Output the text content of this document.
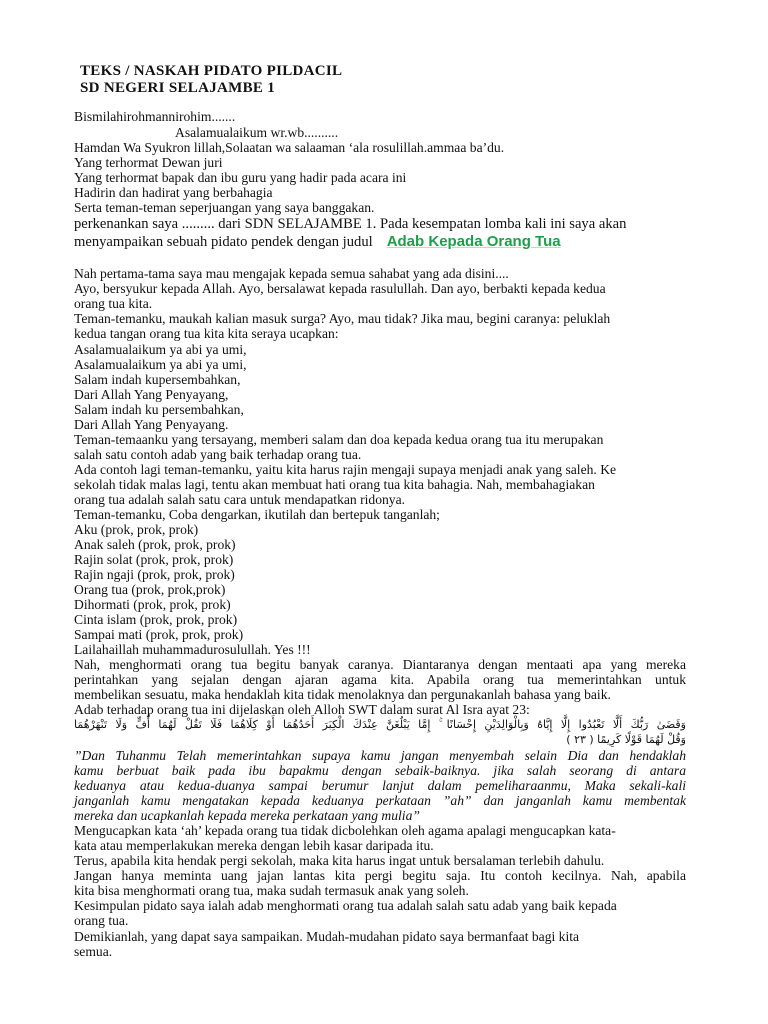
TEKS / NASKAH PIDATO PILDACIL
SD NEGERI SELAJAMBE 1

Bismilahirohmannirohim.......

Asalamualaikum wr.wb..........

Hamdan Wa Syukron lillah,Solaatan wa salaaman ‘ala rosulillah.ammaa ba’du.

Yang terhormat Dewan juri

Yang terhormat bapak dan ibu guru yang hadir pada acara ini

Hadirin dan hadirat yang berbahagia

Serta teman-teman seperjuangan yang saya banggakan.

perkenankan saya ......... dari SDN SELAJAMBE 1. Pada kesempatan lomba kali ini saya akan

menyampaikan sebuah pidato pendek dengan judul Adab Kepada Orang Tua

Nah pertama-tama saya mau mengajak kepada semua sahabat yang ada disini....

Ayo, bersyukur kepada Allah. Ayo, bersalawat kepada rasulullah. Dan ayo, berbakti kepada kedua

orang tua kita.

Teman-temanku, maukah kalian masuk surga? Ayo, mau tidak? Jika mau, begini caranya: peluklah

kedua tangan orang tua kita kita seraya ucapkan:

Asalamualaikum ya abi ya umi,

Asalamualaikum ya abi ya umi,

Salam indah kupersembahkan,

Dari Allah Yang Penyayang,

Salam indah ku persembahkan,

Dari Allah Yang Penyayang.

Teman-temaanku yang tersayang, memberi salam dan doa kepada kedua orang tua itu merupakan

salah satu contoh adab yang baik terhadap orang tua.

Ada contoh lagi teman-temanku, yaitu kita harus rajin mengaji supaya menjadi anak yang saleh. Ke

sekolah tidak malas lagi, tentu akan membuat hati orang tua kita bahagia. Nah, membahagiakan

orang tua adalah salah satu cara untuk mendapatkan ridonya.

Teman-temanku, Coba dengarkan, ikutilah dan bertepuk tanganlah;

Aku (prok, prok, prok)

Anak saleh (prok, prok, prok)

Rajin solat (prok, prok, prok)

Rajin ngaji (prok, prok, prok)

Orang tua (prok, prok,prok)

Dihormati (prok, prok, prok)

Cinta islam (prok, prok, prok)

Sampai mati (prok, prok, prok)

Lailahaillah muhammadurosulullah. Yes !!!

Nah, menghormati orang tua begitu banyak caranya. Diantaranya dengan mentaati apa yang mereka

perintahkan yang sejalan dengan ajaran agama kita. Apabila orang tua memerintahkan untuk

membelikan sesuatu, maka hendaklah kita tidak menolaknya dan pergunakanlah bahasa yang baik.

Adab terhadap orang tua ini dijelaskan oleh Alloh SWT dalam surat Al Isra ayat 23:

وَقَضَىٰ رَبُّكَ أَلَّا تَعْبُدُوا إِلَّا إِيَّاهُ وَبِالْوَالِدَيْنِ إِحْسَانًا ۚ إِمَّا يَبْلُغَنَّ عِنْدَكَ الْكِبَرَ أَحَدُهُمَا أَوْ كِلَاهُمَا فَلَا تَقُلْ لَهُمَا أُفٍّ وَلَا تَنْهَرْهُمَا

وَقُلْ لَهُمَا قَوْلًا كَرِيمًا ( ٢٣ )

”Dan Tuhanmu Telah memerintahkan supaya kamu jangan menyembah selain Dia dan hendaklah

kamu berbuat baik pada ibu bapakmu dengan sebaik-baiknya. jika salah seorang di antara

keduanya atau kedua-duanya sampai berumur lanjut dalam pemeliharaanmu, Maka sekali-kali

janganlah kamu mengatakan kepada keduanya perkataan ”ah” dan janganlah kamu membentak

mereka dan ucapkanlah kepada mereka perkataan yang mulia”

Mengucapkan kata ‘ah’ kepada orang tua tidak dicbolehkan oleh agama apalagi mengucapkan kata-

kata atau memperlakukan mereka dengan lebih kasar daripada itu.

Terus, apabila kita hendak pergi sekolah, maka kita harus ingat untuk bersalaman terlebih dahulu.

Jangan hanya meminta uang jajan lantas kita pergi begitu saja. Itu contoh kecilnya. Nah, apabila

kita bisa menghormati orang tua, maka sudah termasuk anak yang soleh.

Kesimpulan pidato saya ialah adab menghormati orang tua adalah salah satu adab yang baik kepada

orang tua.

Demikianlah, yang dapat saya sampaikan. Mudah-mudahan pidato saya bermanfaat bagi kita

semua.
